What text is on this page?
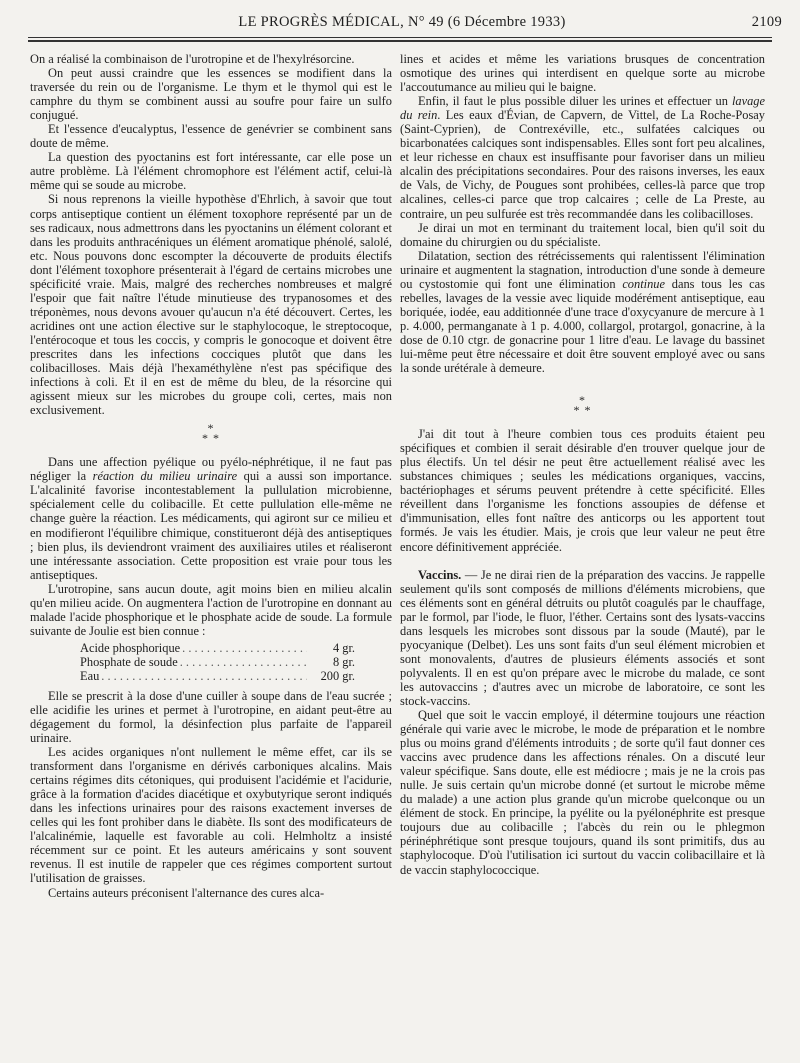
LE PROGRÈS MÉDICAL, N° 49 (6 Décembre 1933)	2109

On a réalisé la combinaison de l'urotropine et de l'hexylrésorcine.

On peut aussi craindre que les essences se modifient dans la traversée du rein ou de l'organisme. Le thym et le thymol qui est le camphre du thym se combinent aussi au soufre pour faire un sulfo conjugué.

Et l'essence d'eucalyptus, l'essence de genévrier se combinent sans doute de même.

La question des pyoctanins est fort intéressante, car elle pose un autre problème. Là l'élément chromophore est l'élément actif, celui-là même qui se soude au microbe.

Si nous reprenons la vieille hypothèse d'Ehrlich, à savoir que tout corps antiseptique contient un élément toxophore représenté par un de ses radicaux, nous admettrons dans les pyoctanins un élément colorant et dans les produits anthracéniques un élément aromatique phénolé, salolé, etc. Nous pouvons donc escompter la découverte de produits électifs dont l'élément toxophore présenterait à l'égard de certains microbes une spécificité vraie. Mais, malgré des recherches nombreuses et malgré l'espoir que fait naître l'étude minutieuse des trypanosomes et des tréponèmes, nous devons avouer qu'aucun n'a été découvert. Certes, les acridines ont une action élective sur le staphylocoque, le streptocoque, l'entérocoque et tous les coccis, y compris le gonocoque et doivent être prescrites dans les infections cocciques plutôt que dans les colibacilloses. Mais déjà l'hexaméthylène n'est pas spécifique des infections à coli. Et il en est de même du bleu, de la résorcine qui agissent mieux sur les microbes du groupe coli, certes, mais non exclusivement.

*
* *

Dans une affection pyélique ou pyélo-néphrétique, il ne faut pas négliger la réaction du milieu urinaire qui a aussi son importance. L'alcalinité favorise incontestablement la pullulation microbienne, spécialement celle du colibacille. Et cette pullulation elle-même ne change guère la réaction. Les médicaments, qui agiront sur ce milieu et en modifieront l'équilibre chimique, constitueront déjà des antiseptiques ; bien plus, ils deviendront vraiment des auxiliaires utiles et réaliseront une intéressante association. Cette proposition est vraie pour tous les antiseptiques.

L'urotropine, sans aucun doute, agit moins bien en milieu alcalin qu'en milieu acide. On augmentera l'action de l'urotropine en donnant au malade l'acide phosphorique et le phosphate acide de soude. La formule suivante de Joulie est bien connue :

Acide phosphorique . . .	4 gr.
Phosphate de soude . . .	8 gr.
Eau . . .	200 gr.

Elle se prescrit à la dose d'une cuiller à soupe dans de l'eau sucrée ; elle acidifie les urines et permet à l'urotropine, en aidant peut-être au dégagement du formol, la désinfection plus parfaite de l'appareil urinaire.

Les acides organiques n'ont nullement le même effet, car ils se transforment dans l'organisme en dérivés carboniques alcalins. Mais certains régimes dits cétoniques, qui produisent l'acidémie et l'acidurie, grâce à la formation d'acides diacétique et oxybutyrique seront indiqués dans les infections urinaires pour des raisons exactement inverses de celles qui les font prohiber dans le diabète. Ils sont des modificateurs de l'alcalinémie, laquelle est favorable au coli. Helmholtz a insisté récemment sur ce point. Et les auteurs américains y sont souvent revenus. Il est inutile de rappeler que ces régimes comportent surtout l'utilisation de graisses.

Certains auteurs préconisent l'alternance des cures alca-

lines et acides et même les variations brusques de concentration osmotique des urines qui interdisent en quelque sorte au microbe l'accoutumance au milieu qui le baigne.

Enfin, il faut le plus possible diluer les urines et effectuer un lavage du rein. Les eaux d'Évian, de Capvern, de Vittel, de La Roche-Posay (Saint-Cyprien), de Contrexéville, etc., sulfatées calciques ou bicarbonatées calciques sont indispensables. Elles sont fort peu alcalines, et leur richesse en chaux est insuffisante pour favoriser dans un milieu alcalin des précipitations secondaires. Pour des raisons inverses, les eaux de Vals, de Vichy, de Pougues sont prohibées, celles-là parce que trop alcalines, celles-ci parce que trop calcaires ; celle de La Preste, au contraire, un peu sulfurée est très recommandée dans les colibacilloses.

Je dirai un mot en terminant du traitement local, bien qu'il soit du domaine du chirurgien ou du spécialiste.

Dilatation, section des rétrécissements qui ralentissent l'élimination urinaire et augmentent la stagnation, introduction d'une sonde à demeure ou cystostomie qui font une élimination continue dans tous les cas rebelles, lavages de la vessie avec liquide modérément antiseptique, eau boriquée, iodée, eau additionnée d'une trace d'oxycyanure de mercure à 1 p. 4.000, permanganate à 1 p. 4.000, collargol, protargol, gonacrine, à la dose de 0.10 ctgr. de gonacrine pour 1 litre d'eau. Le lavage du bassinet lui-même peut être nécessaire et doit être souvent employé avec ou sans la sonde urétérale à demeure.

*
* *

J'ai dit tout à l'heure combien tous ces produits étaient peu spécifiques et combien il serait désirable d'en trouver quelque jour de plus électifs. Un tel désir ne peut être actuellement réalisé avec les substances chimiques ; seules les médications organiques, vaccins, bactériophages et sérums peuvent prétendre à cette spécificité. Elles réveillent dans l'organisme les fonctions assoupies de défense et d'immunisation, elles font naître des anticorps ou les apportent tout formés. Je vais les étudier. Mais, je crois que leur valeur ne peut être encore définitivement appréciée.

Vaccins. — Je ne dirai rien de la préparation des vaccins. Je rappelle seulement qu'ils sont composés de millions d'éléments microbiens, que ces éléments sont en général détruits ou plutôt coagulés par le chauffage, par le formol, par l'iode, le fluor, l'éther. Certains sont des lysats-vaccins dans lesquels les microbes sont dissous par la soude (Mauté), par le pyocyanique (Delbet). Les uns sont faits d'un seul élément microbien et sont monovalents, d'autres de plusieurs éléments associés et sont polyvalents. Il en est qu'on prépare avec le microbe du malade, ce sont les autovaccins ; d'autres avec un microbe de laboratoire, ce sont les stock-vaccins.

Quel que soit le vaccin employé, il détermine toujours une réaction générale qui varie avec le microbe, le mode de préparation et le nombre plus ou moins grand d'éléments introduits ; de sorte qu'il faut donner ces vaccins avec prudence dans les affections rénales. On a discuté leur valeur spécifique. Sans doute, elle est médiocre ; mais je ne la crois pas nulle. Je suis certain qu'un microbe donné (et surtout le microbe même du malade) a une action plus grande qu'un microbe quelconque ou un élément de stock. En principe, la pyélite ou la pyélonéphrite est presque toujours due au colibacille ; l'abcès du rein ou le phlegmon périnéphrétique sont presque toujours, quand ils sont primitifs, dus au staphylocoque. D'où l'utilisation ici surtout du vaccin colibacillaire et là de vaccin staphylococcique.
